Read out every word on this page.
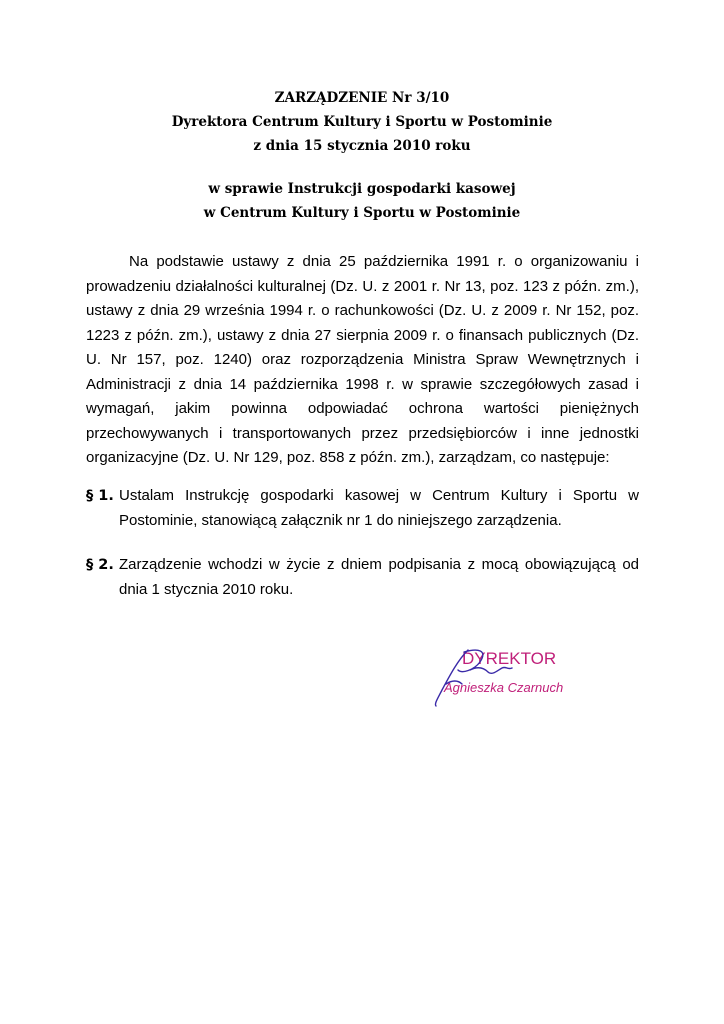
ZARZĄDZENIE Nr 3/10
Dyrektora Centrum Kultury i Sportu w Postominie
z dnia 15 stycznia 2010 roku
w sprawie Instrukcji gospodarki kasowej
w Centrum Kultury i Sportu w Postominie

Na podstawie ustawy z dnia 25 października 1991 r. o organizowaniu i prowadzeniu działalności kulturalnej (Dz. U. z 2001 r. Nr 13, poz. 123 z późn. zm.), ustawy z dnia 29 września 1994 r. o rachunkowości (Dz. U. z 2009 r. Nr 152, poz. 1223 z późn. zm.), ustawy z dnia 27 sierpnia 2009 r. o finansach publicznych (Dz. U. Nr 157, poz. 1240) oraz rozporządzenia Ministra Spraw Wewnętrznych i Administracji z dnia 14 października 1998 r. w sprawie szczegółowych zasad i wymagań, jakim powinna odpowiadać ochrona wartości pieniężnych przechowywanych i transportowanych przez przedsiębiorców i inne jednostki organizacyjne (Dz. U. Nr 129, poz. 858 z późn. zm.), zarządzam, co następuje:

§ 1. Ustalam Instrukcję gospodarki kasowej w Centrum Kultury i Sportu w Postominie, stanowiącą załącznik nr 1 do niniejszego zarządzenia.
§ 2. Zarządzenie wchodzi w życie z dniem podpisania z mocą obowiązującą od dnia 1 stycznia 2010 roku.
DYREKTOR
Agnieszka Czarnuch
